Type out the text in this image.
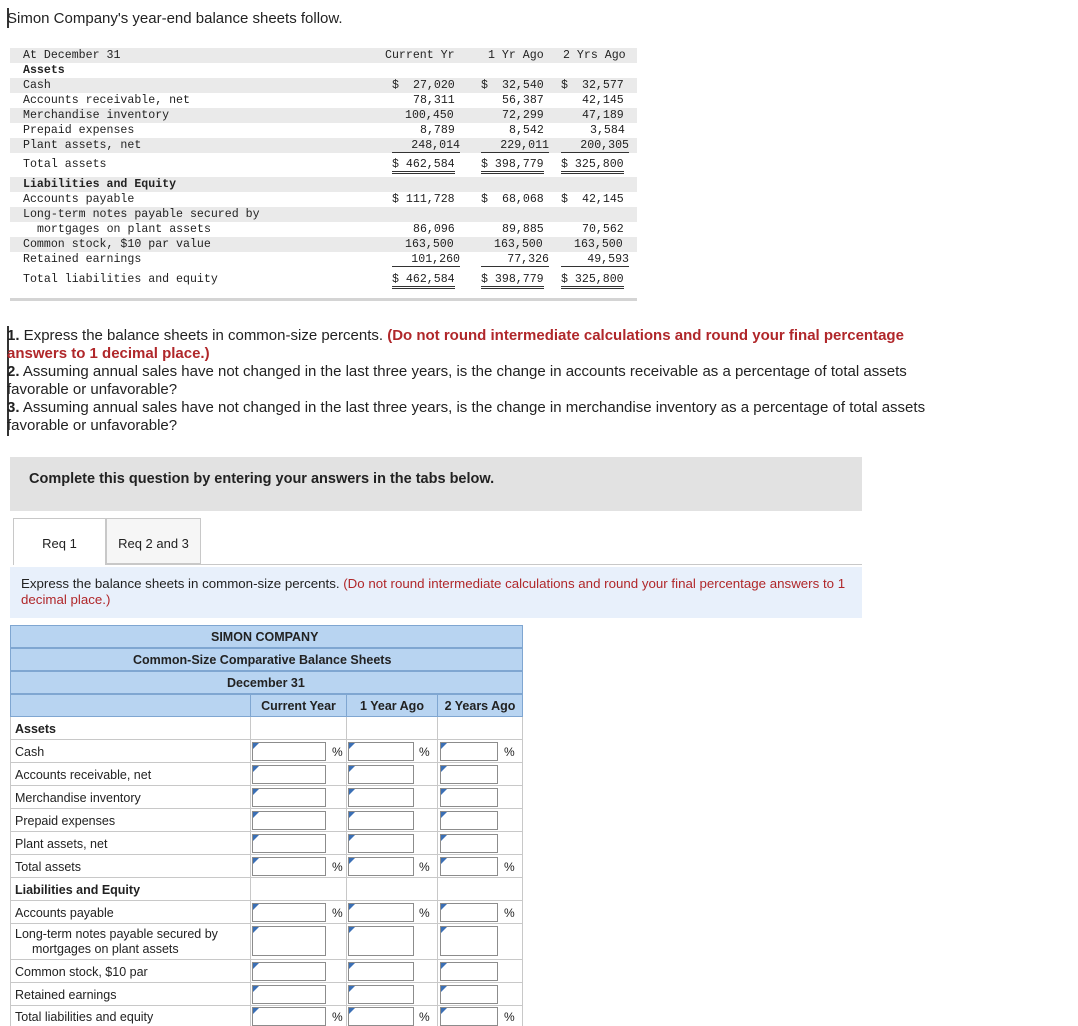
Simon Company's year-end balance sheets follow.
At December 31	Current Yr	1 Yr Ago 2 Yrs Ago
Assets
Cash	$ 27,020 $ 32,540 $ 32,577
Accounts receivable, net	78,311	56,387	42,145
Merchandise inventory	100,450	72,299	47,189
Prepaid expenses	8,789	8,542	3,584
Plant assets, net	248,014	229,011	200,305
Total assets	$ 462,584 $ 398,779 $ 325,800
Liabilities and Equity
Accounts payable	$ 111,728 $ 68,068 $ 42,145
Long-term notes payable secured by
mortgages on plant assets	86,096	89,885	70,562
Common stock, $10 par value	163,500	163,500	163,500
Retained earnings	101,260	77,326	49,593
Total liabilities and equity	$ 462,584 $ 398,779 $ 325,800
1. Express the balance sheets in common-size percents. (Do not round intermediate calculations and round your final percentage answers to 1 decimal place.)
2. Assuming annual sales have not changed in the last three years, is the change in accounts receivable as a percentage of total assets favorable or unfavorable?
3. Assuming annual sales have not changed in the last three years, is the change in merchandise inventory as a percentage of total assets favorable or unfavorable?
Complete this question by entering your answers in the tabs below.
Req 1	Req 2 and 3
Express the balance sheets in common-size percents. (Do not round intermediate calculations and round your final percentage answers to 1 decimal place.)
SIMON COMPANY
Common-Size Comparative Balance Sheets
December 31
Current Year	1 Year Ago	2 Years Ago
Assets
Cash	%	%	%
Accounts receivable, net
Merchandise inventory
Prepaid expenses
Plant assets, net
Total assets	%	%	%
Liabilities and Equity
Accounts payable	%	%	%
Long-term notes payable secured by
mortgages on plant assets
Common stock, $10 par
Retained earnings
Total liabilities and equity	%	%	%
